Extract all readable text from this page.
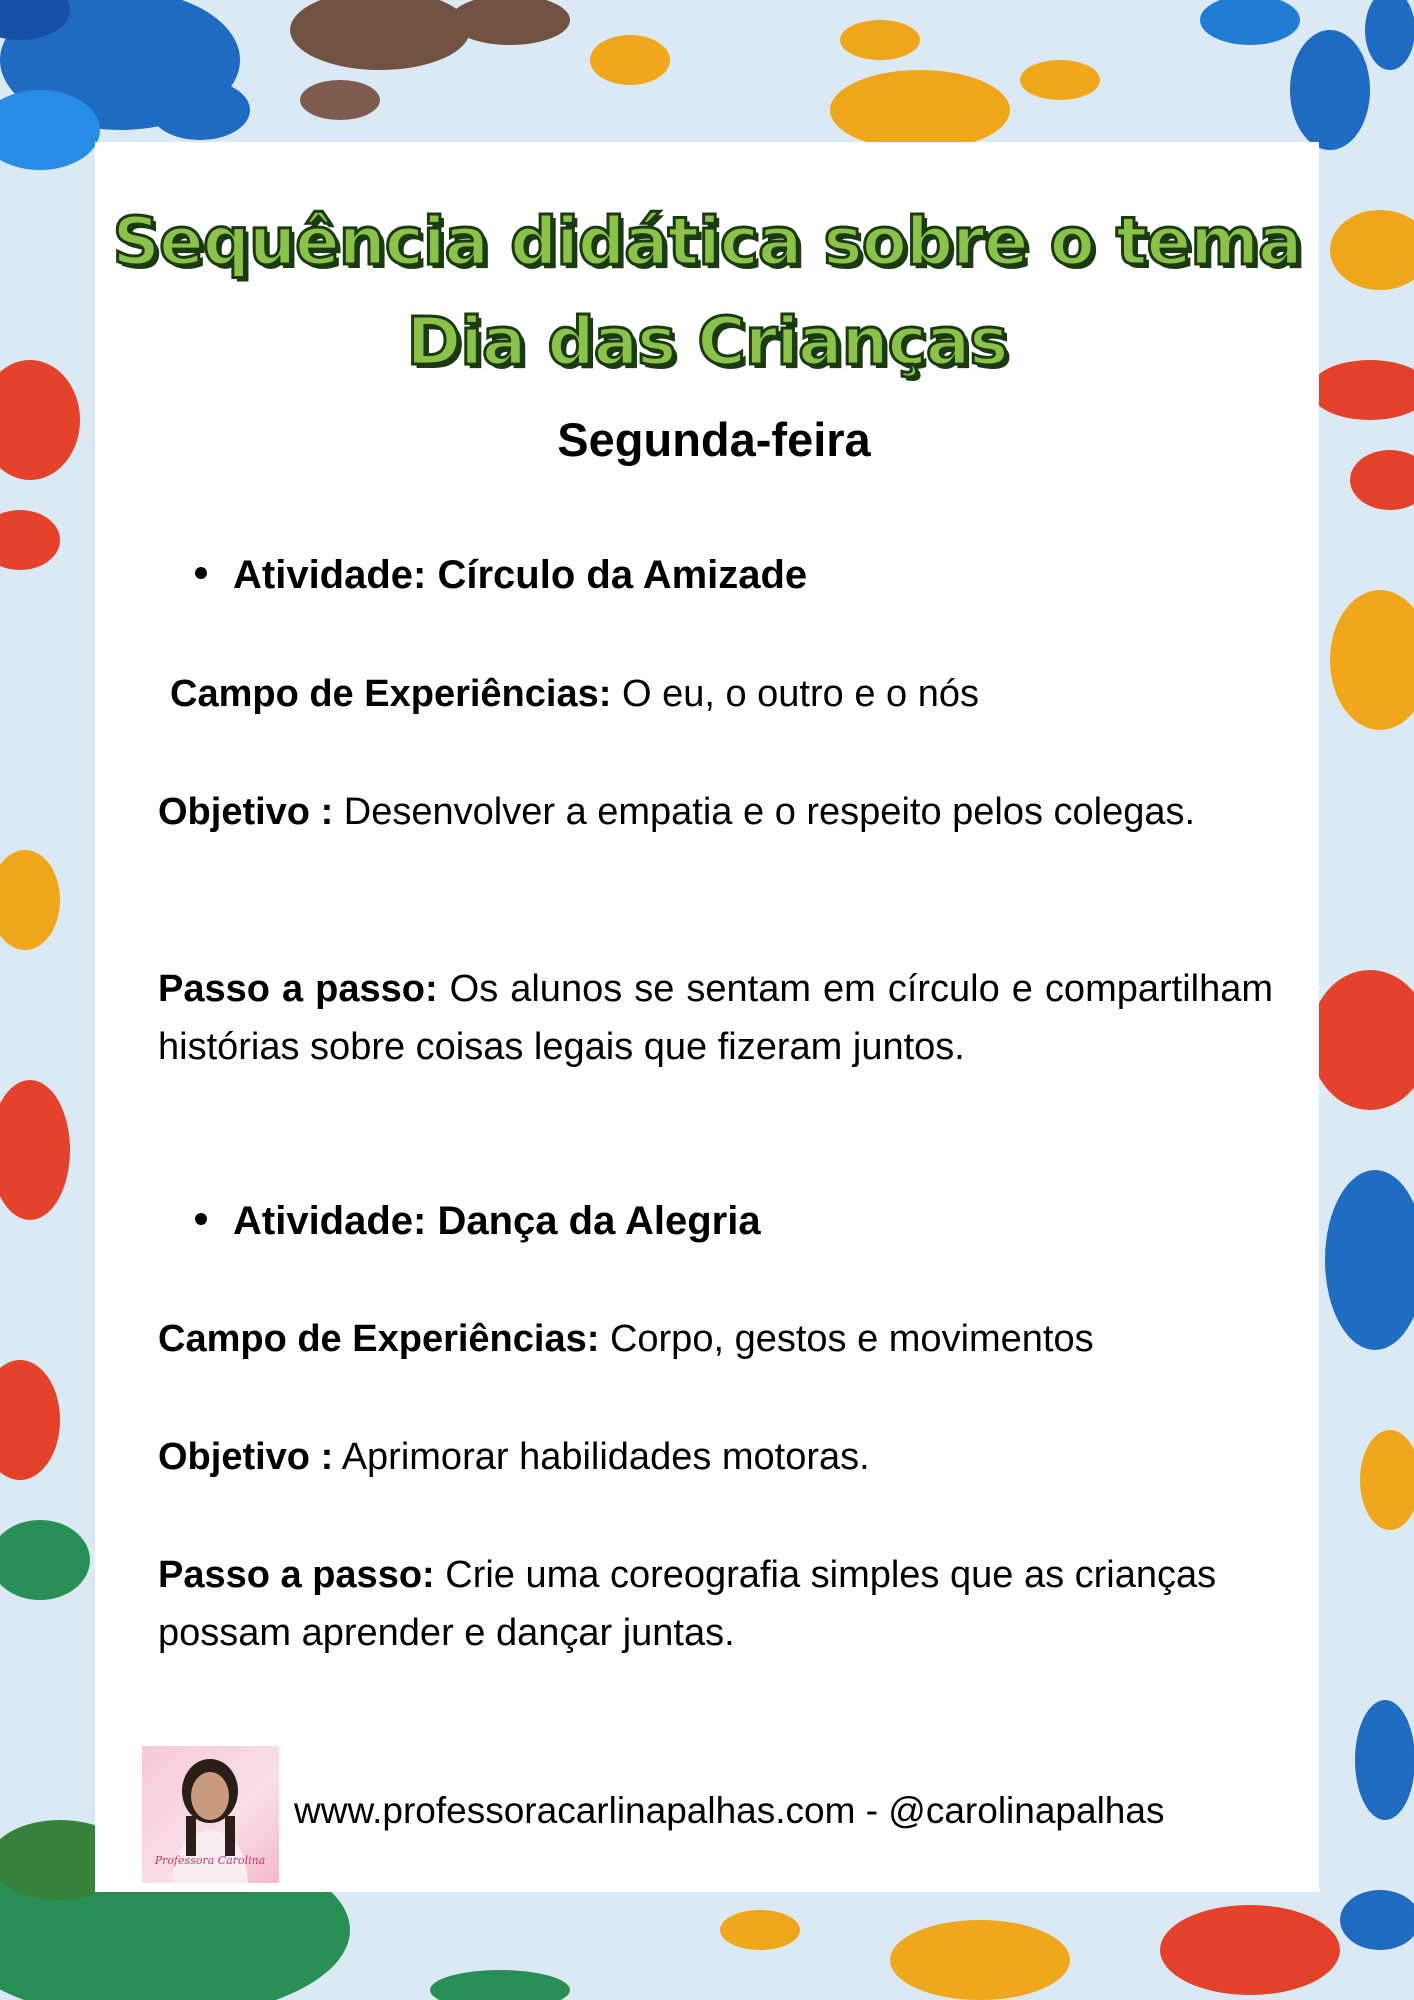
Sequência didática sobre o tema Dia das Crianças
Segunda-feira
Atividade: Círculo da Amizade
Campo de Experiências: O eu, o outro e o nós
Objetivo : Desenvolver a empatia e o respeito pelos colegas.
Passo a passo: Os alunos se sentam em círculo e compartilham histórias sobre coisas legais que fizeram juntos.
Atividade: Dança da Alegria
Campo de Experiências: Corpo, gestos e movimentos
Objetivo : Aprimorar habilidades motoras.
Passo a passo: Crie uma coreografia simples que as crianças possam aprender e dançar juntas.
Professora Carolina
www.professoracarlinapalhas.com - @carolinapalhas
